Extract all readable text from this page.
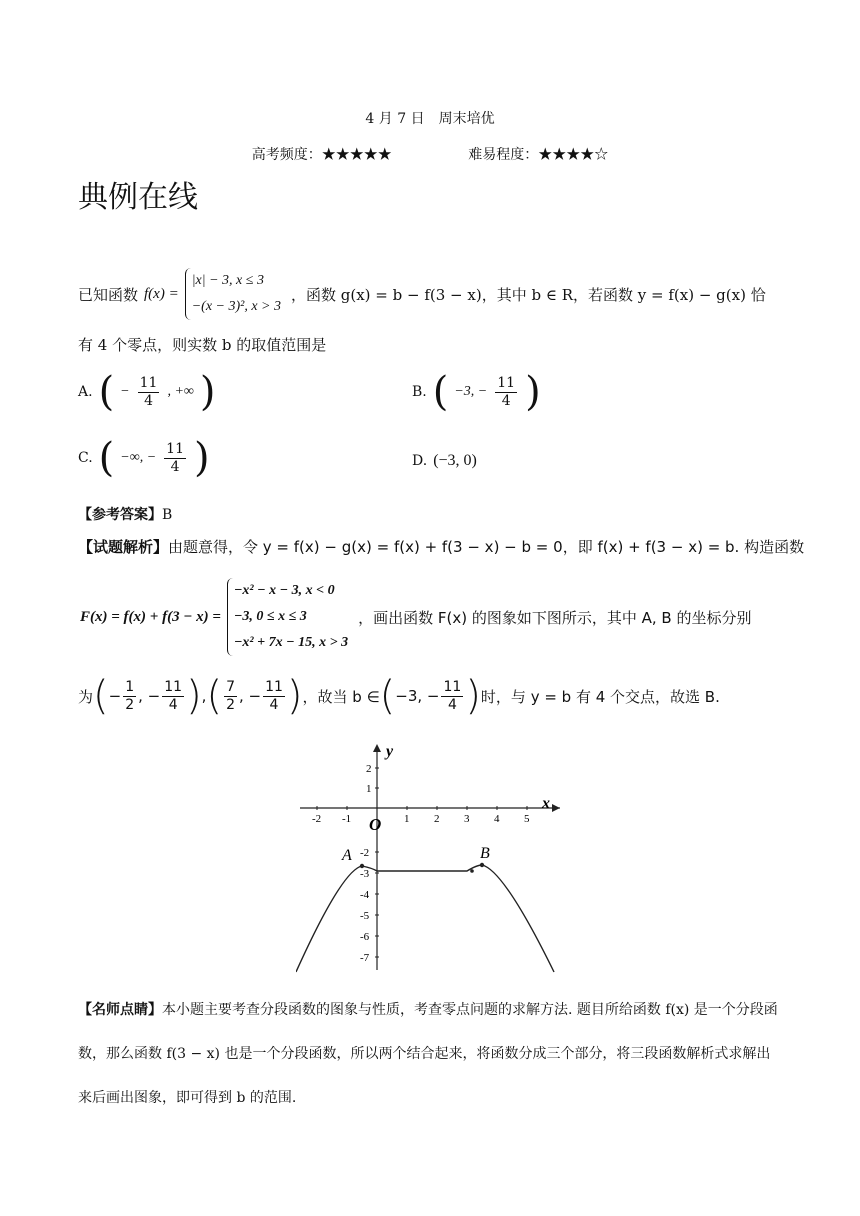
4 月 7 日　周末培优
高考频度：★★★★★	难易程度：★★★★☆
典例在线
已知函数 f(x) =
|x| − 3, x ≤ 3
−(x − 3)², x > 3
，函数 g(x) = b − f(3 − x)，其中 b ∈ R，若函数 y = f(x) − g(x) 恰
有 4 个零点，则实数 b 的取值范围是
A. ( − $\frac{11}{4}$ , +∞ )	B. ( −3, − $\frac{11}{4}$ )
C. ( −∞, − $\frac{11}{4}$ )	D. (−3, 0)
【参考答案】B
【试题解析】由题意得，令 y = f(x) − g(x) = f(x) + f(3 − x) − b = 0，即 f(x) + f(3 − x) = b. 构造函数
F(x) = f(x) + f(3 − x) =
−x² − x − 3, x < 0
−3, 0 ≤ x ≤ 3
−x² + 7x − 15, x > 3
，画出函数 F(x) 的图象如下图所示，其中 A, B 的坐标分别
为 ( − $\frac{1}{2}$ , − $\frac{11}{4}$ ) , ( $\frac{7}{2}$ , − $\frac{11}{4}$ ) ，故当 b ∈ ( −3, − $\frac{11}{4}$ ) 时，与 y = b 有 4 个交点，故选 B.
x
y
O
-2 -1	1 2 3 4 5
2
1
-2
-3
-4
-5
-6
-7
A	B
【名师点睛】本小题主要考查分段函数的图象与性质，考查零点问题的求解方法. 题目所给函数 f(x) 是一个分段函数，那么函数 f(3 − x) 也是一个分段函数，所以两个结合起来，将函数分成三个部分，将三段函数解析式求解出来后画出图象，即可得到 b 的范围.
